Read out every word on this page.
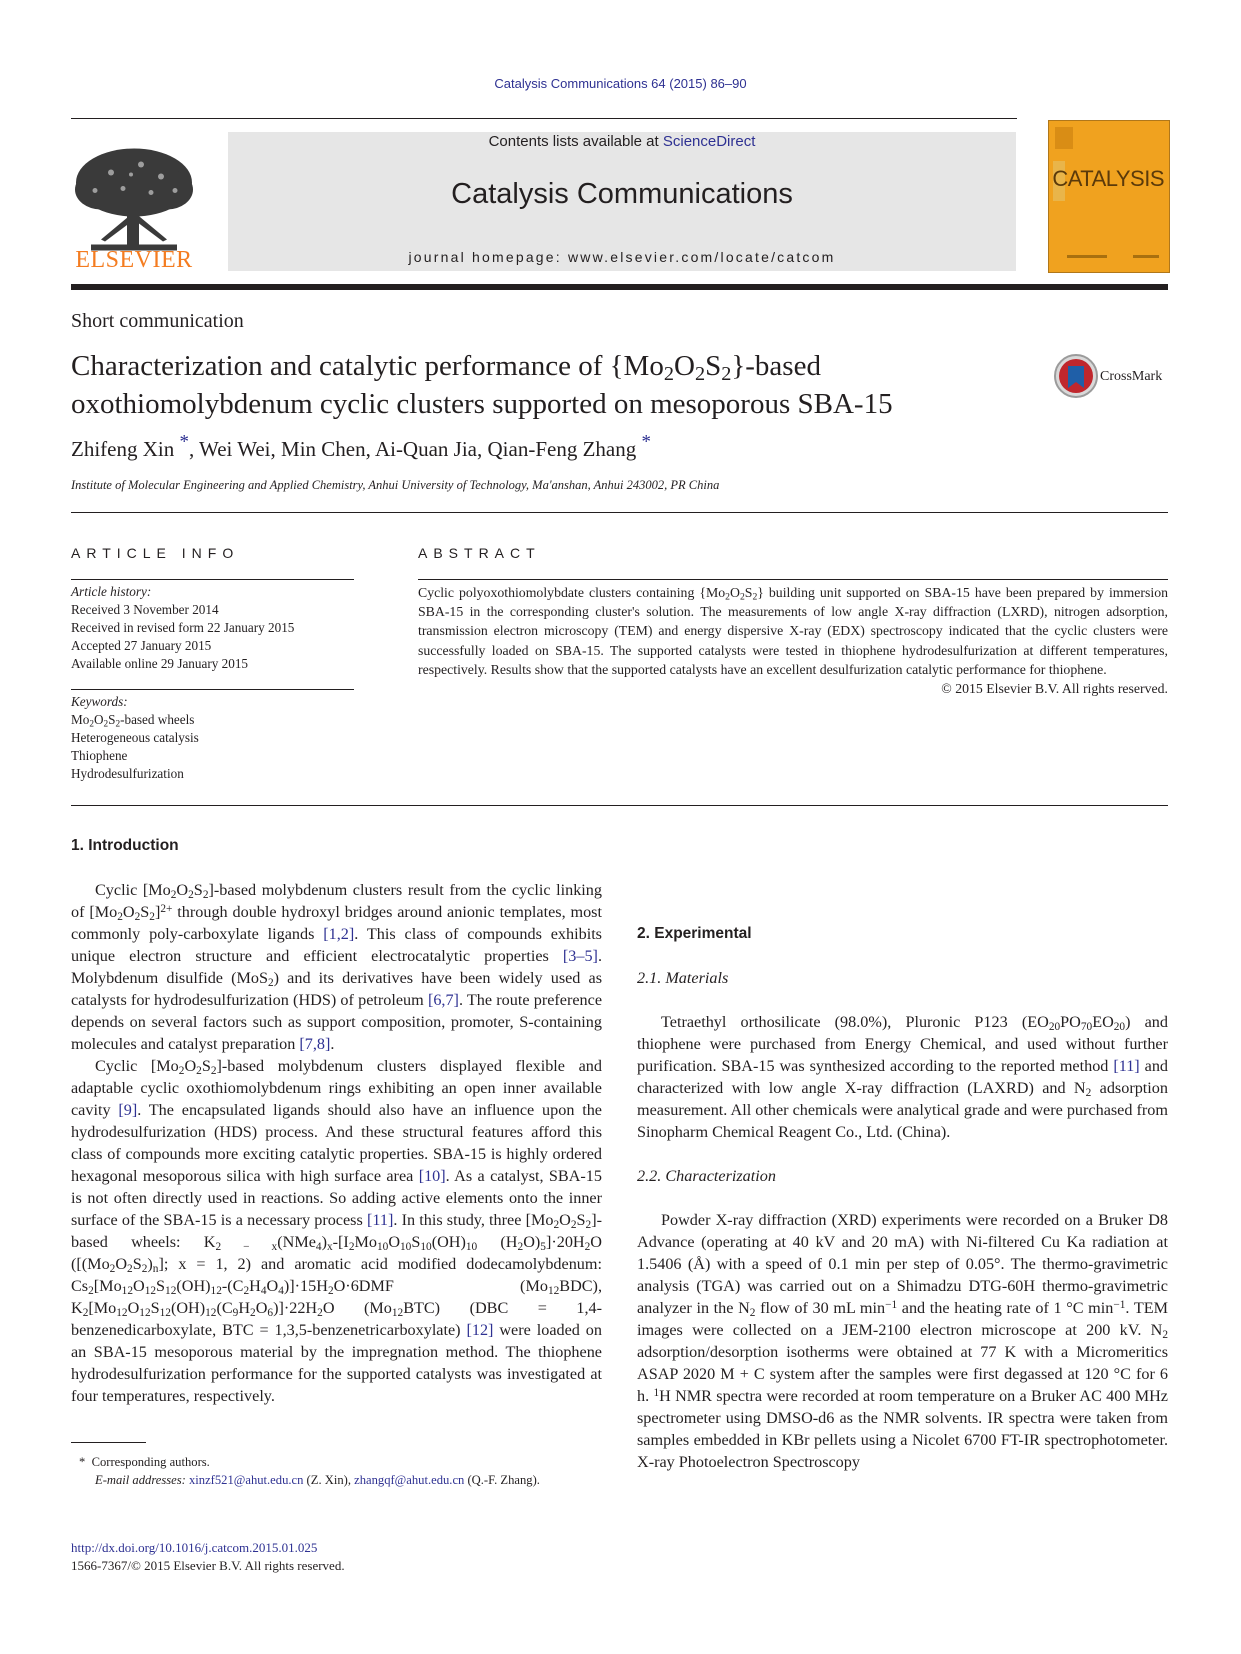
Catalysis Communications 64 (2015) 86–90
Contents lists available at ScienceDirect
Catalysis Communications
journal homepage: www.elsevier.com/locate/catcom
ELSEVIER
CATALYSIS
Short communication
Characterization and catalytic performance of $\{Mo_2O_2S_2\}$-based oxothiomolybdenum cyclic clusters supported on mesoporous SBA-15
CrossMark
Zhifeng Xin *, Wei Wei, Min Chen, Ai-Quan Jia, Qian-Feng Zhang *
Institute of Molecular Engineering and Applied Chemistry, Anhui University of Technology, Ma'anshan, Anhui 243002, PR China
ARTICLE INFO	ABSTRACT
Article history:
Received 3 November 2014
Received in revised form 22 January 2015
Accepted 27 January 2015
Available online 29 January 2015
Keywords:
$Mo_2O_2S_2$-based wheels
Heterogeneous catalysis
Thiophene
Hydrodesulfurization
Cyclic polyoxothiomolybdate clusters containing $\{Mo_2O_2S_2\}$ building unit supported on SBA-15 have been prepared by immersion SBA-15 in the corresponding cluster's solution. The measurements of low angle X-ray diffraction (LXRD), nitrogen adsorption, transmission electron microscopy (TEM) and energy dispersive X-ray (EDX) spectroscopy indicated that the cyclic clusters were successfully loaded on SBA-15. The supported catalysts were tested in thiophene hydrodesulfurization at different temperatures, respectively. Results show that the supported catalysts have an excellent desulfurization catalytic performance for thiophene.
© 2015 Elsevier B.V. All rights reserved.

1. Introduction

Cyclic $[Mo_2O_2S_2]$-based molybdenum clusters result from the cyclic linking of $[Mo_2O_2S_2]^{2+}$ through double hydroxyl bridges around anionic templates, most commonly poly-carboxylate ligands [1,2]. This class of compounds exhibits unique electron structure and efficient electrocatalytic properties [3–5]. Molybdenum disulfide (MoS$_2$) and its derivatives have been widely used as catalysts for hydrodesulfurization (HDS) of petroleum [6,7]. The route preference depends on several factors such as support composition, promoter, S-containing molecules and catalyst preparation [7,8].

Cyclic $[Mo_2O_2S_2]$-based molybdenum clusters displayed flexible and adaptable cyclic oxothiomolybdenum rings exhibiting an open inner available cavity [9]. The encapsulated ligands should also have an influence upon the hydrodesulfurization (HDS) process. And these structural features afford this class of compounds more exciting catalytic properties. SBA-15 is highly ordered hexagonal mesoporous silica with high surface area [10]. As a catalyst, SBA-15 is not often directly used in reactions. So adding active elements onto the inner surface of the SBA-15 is a necessary process [11]. In this study, three $[Mo_2O_2S_2]$-based wheels: $K_{2 - x}(NMe_4)_x-[I_2Mo_{10}O_{10}S_{10}(OH)_{10}$ $(H_2O)_5]\cdot 20H_2O$ ($[(Mo_2O_2S_2)_n]$; x = 1, 2) and aromatic acid modified dodecamolybdenum: $Cs_2[Mo_{12}O_{12}S_{12}(OH)_{12}-(C_2H_4O_4)]\cdot 15H_2O\cdot 6DMF$ $(Mo_{12}BDC)$, $K_2[Mo_{12}O_{12}S_{12}(OH)_{12}(C_9H_2O_6)]\cdot 22H_2O$ $(Mo_{12}BTC) (DBC$ = 1,4-benzenedicarboxylate, BTC = 1,3,5-benzenetricarboxylate) [12] were loaded on an SBA-15 mesoporous material by the impregnation method. The thiophene hydrodesulfurization performance for the supported catalysts was investigated at four temperatures, respectively.

2. Experimental

2.1. Materials

Tetraethyl orthosilicate (98.0%), Pluronic P123 $(EO_{20}PO_{70}EO_{20})$ and thiophene were purchased from Energy Chemical, and used without further purification. SBA-15 was synthesized according to the reported method [11] and characterized with low angle X-ray diffraction (LAXRD) and $N_2$ adsorption measurement. All other chemicals were analytical grade and were purchased from Sinopharm Chemical Reagent Co., Ltd. (China).

2.2. Characterization

Powder X-ray diffraction (XRD) experiments were recorded on a Bruker D8 Advance (operating at 40 kV and 20 mA) with Ni-filtered Cu Ka radiation at 1.5406 (Å) with a speed of 0.1 min per step of 0.05°. The thermo-gravimetric analysis (TGA) was carried out on a Shimadzu DTG-60H thermo-gravimetric analyzer in the $N_2$ flow of 30 mL $\min^{-1}$ and the heating rate of 1 °C $\min^{-1}$. TEM images were collected on a JEM-2100 electron microscope at 200 kV. $N_2$ adsorption/desorption isotherms were obtained at 77 K with a Micromeritics ASAP 2020 M + C system after the samples were first degassed at 120 °C for 6 h. $^1$H NMR spectra were recorded at room temperature on a Bruker AC 400 MHz spectrometer using DMSO-d6 as the NMR solvents. IR spectra were taken from samples embedded in KBr pellets using a Nicolet 6700 FT-IR spectrophotometer. X-ray Photoelectron Spectroscopy

*  Corresponding authors.
E-mail addresses: xinzf521@ahut.edu.cn (Z. Xin), zhangqf@ahut.edu.cn (Q.-F. Zhang).
http://dx.doi.org/10.1016/j.catcom.2015.01.025
1566-7367/© 2015 Elsevier B.V. All rights reserved.
